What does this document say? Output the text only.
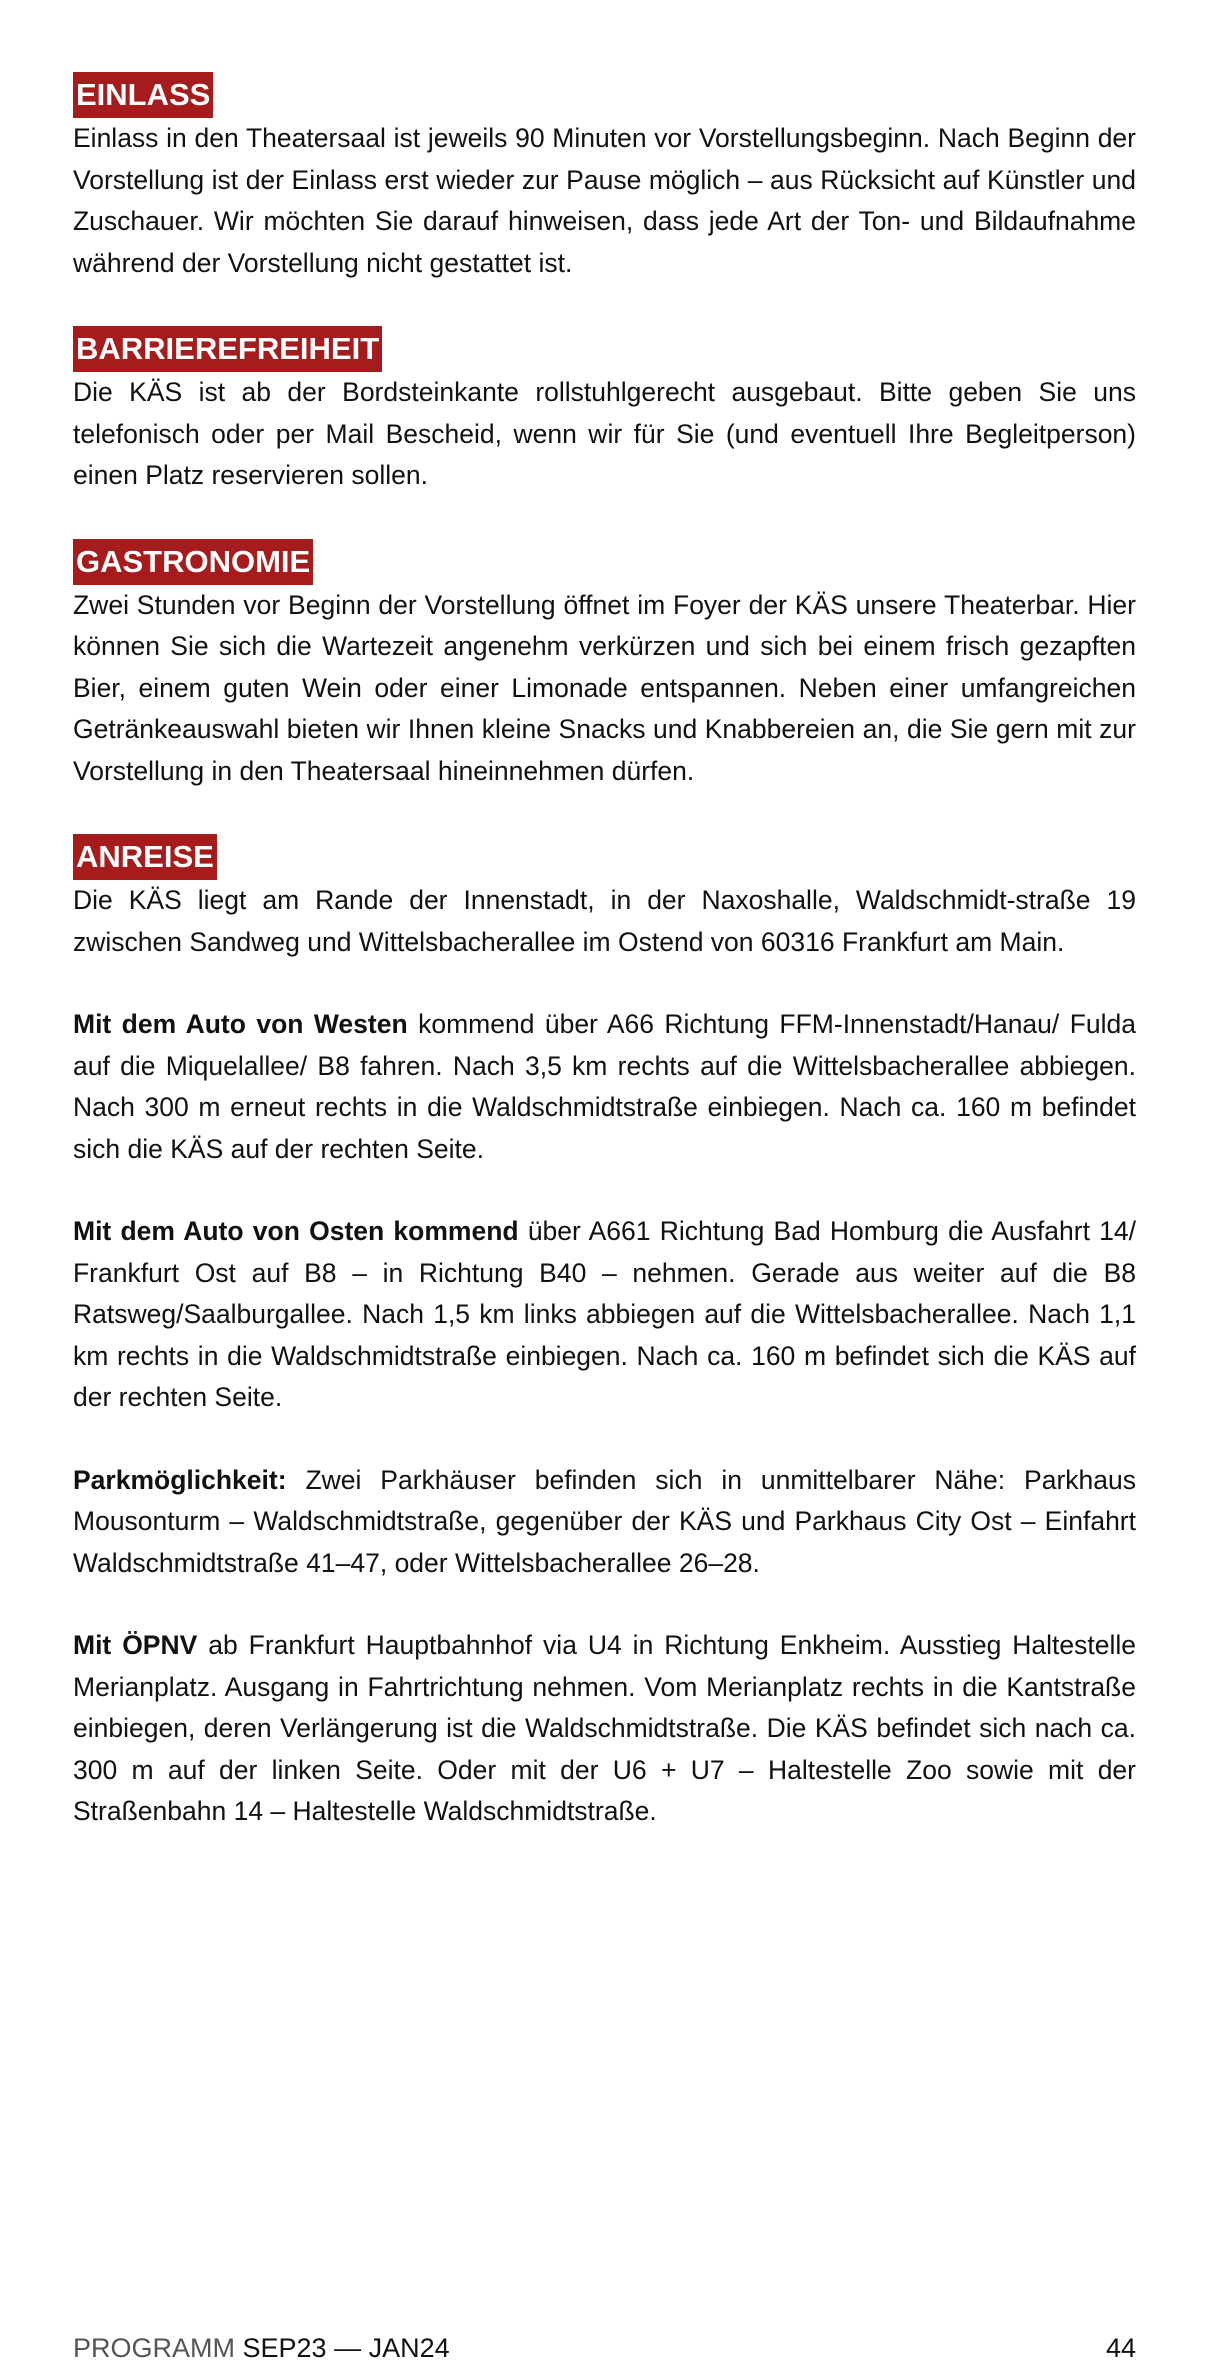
EINLASS

Einlass in den Theatersaal ist jeweils 90 Minuten vor Vorstellungsbeginn. Nach Beginn der Vorstellung ist der Einlass erst wieder zur Pause möglich – aus Rücksicht auf Künstler und Zuschauer. Wir möchten Sie darauf hinweisen, dass jede Art der Ton- und Bildaufnahme während der Vorstellung nicht gestattet ist.

BARRIEREFREIHEIT

Die KÄS ist ab der Bordsteinkante rollstuhlgerecht ausgebaut. Bitte geben Sie uns telefonisch oder per Mail Bescheid, wenn wir für Sie (und eventuell Ihre Begleitperson) einen Platz reservieren sollen.

GASTRONOMIE

Zwei Stunden vor Beginn der Vorstellung öffnet im Foyer der KÄS unsere Theaterbar. Hier können Sie sich die Wartezeit angenehm verkürzen und sich bei einem frisch gezapften Bier, einem guten Wein oder einer Limonade entspannen. Neben einer umfangreichen Getränkeauswahl bieten wir Ihnen kleine Snacks und Knabbereien an, die Sie gern mit zur Vorstellung in den Theatersaal hineinnehmen dürfen.

ANREISE

Die KÄS liegt am Rande der Innenstadt, in der Naxoshalle, Waldschmidt-straße 19 zwischen Sandweg und Wittelsbacherallee im Ostend von 60316 Frankfurt am Main.

Mit dem Auto von Westen kommend über A66 Richtung FFM-Innenstadt/Hanau/ Fulda auf die Miquelallee/ B8 fahren. Nach 3,5 km rechts auf die Wittelsbacherallee abbiegen. Nach 300 m erneut rechts in die Waldschmidtstraße einbiegen. Nach ca. 160 m befindet sich die KÄS auf der rechten Seite.

Mit dem Auto von Osten kommend über A661 Richtung Bad Homburg die Ausfahrt 14/ Frankfurt Ost auf B8 – in Richtung B40 – nehmen. Gerade aus weiter auf die B8 Ratsweg/Saalburgallee. Nach 1,5 km links abbiegen auf die Wittelsbacherallee. Nach 1,1 km rechts in die Waldschmidtstraße einbiegen. Nach ca. 160 m befindet sich die KÄS auf der rechten Seite.

Parkmöglichkeit: Zwei Parkhäuser befinden sich in unmittelbarer Nähe: Parkhaus Mousonturm – Waldschmidtstraße, gegenüber der KÄS und Parkhaus City Ost – Einfahrt Waldschmidtstraße 41–47, oder Wittelsbacherallee 26–28.

Mit ÖPNV ab Frankfurt Hauptbahnhof via U4 in Richtung Enkheim. Ausstieg Haltestelle Merianplatz. Ausgang in Fahrtrichtung nehmen. Vom Merianplatz rechts in die Kantstraße einbiegen, deren Verlängerung ist die Waldschmidtstraße. Die KÄS befindet sich nach ca. 300 m auf der linken Seite. Oder mit der U6 + U7 – Haltestelle Zoo sowie mit der Straßenbahn 14 – Haltestelle Waldschmidtstraße.

PROGRAMM SEP23 — JAN24	44
